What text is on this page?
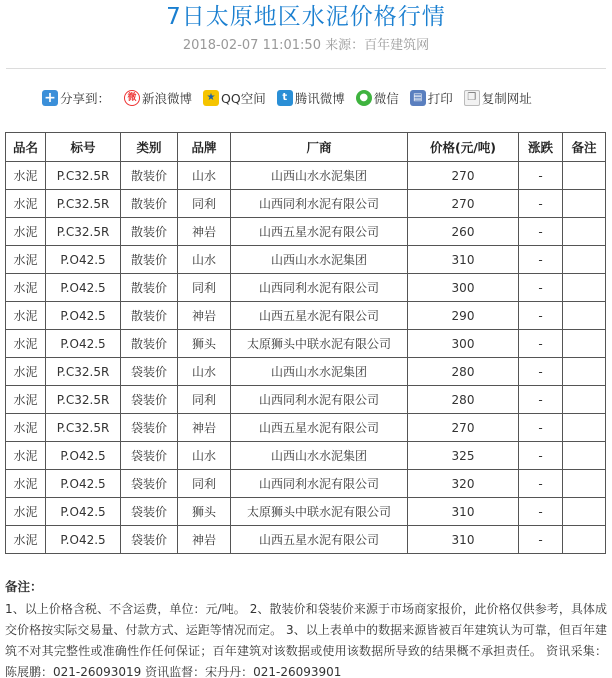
7日太原地区水泥价格行情
2018-02-07 11:01:50 来源：百年建筑网
+ 分享到：	微 新浪微博	★ QQ空间	t 腾讯微博	● 微信	▤ 打印	❐ 复制网址
品名	标号	类别	品牌	厂商	价格(元/吨)	涨跌	备注
水泥	P.C32.5R	散装价	山水	山西山水水泥集团	270	-	
水泥	P.C32.5R	散装价	同利	山西同利水泥有限公司	270	-	
水泥	P.C32.5R	散装价	神岩	山西五星水泥有限公司	260	-	
水泥	P.O42.5	散装价	山水	山西山水水泥集团	310	-	
水泥	P.O42.5	散装价	同利	山西同利水泥有限公司	300	-	
水泥	P.O42.5	散装价	神岩	山西五星水泥有限公司	290	-	
水泥	P.O42.5	散装价	狮头	太原狮头中联水泥有限公司	300	-	
水泥	P.C32.5R	袋装价	山水	山西山水水泥集团	280	-	
水泥	P.C32.5R	袋装价	同利	山西同利水泥有限公司	280	-	
水泥	P.C32.5R	袋装价	神岩	山西五星水泥有限公司	270	-	
水泥	P.O42.5	袋装价	山水	山西山水水泥集团	325	-	
水泥	P.O42.5	袋装价	同利	山西同利水泥有限公司	320	-	
水泥	P.O42.5	袋装价	狮头	太原狮头中联水泥有限公司	310	-	
水泥	P.O42.5	袋装价	神岩	山西五星水泥有限公司	310	-	
备注：

1、以上价格含税、不含运费，单位：元/吨。 2、散装价和袋装价来源于市场商家报价，此价格仅供参考，具体成交价格按实际交易量、付款方式、运距等情况而定。 3、以上表单中的数据来源皆被百年建筑认为可靠，但百年建筑不对其完整性或准确性作任何保证；百年建筑对该数据或使用该数据所导致的结果概不承担责任。 资讯采集：陈展鹏：021-26093019 资讯监督：宋丹丹：021-26093901
